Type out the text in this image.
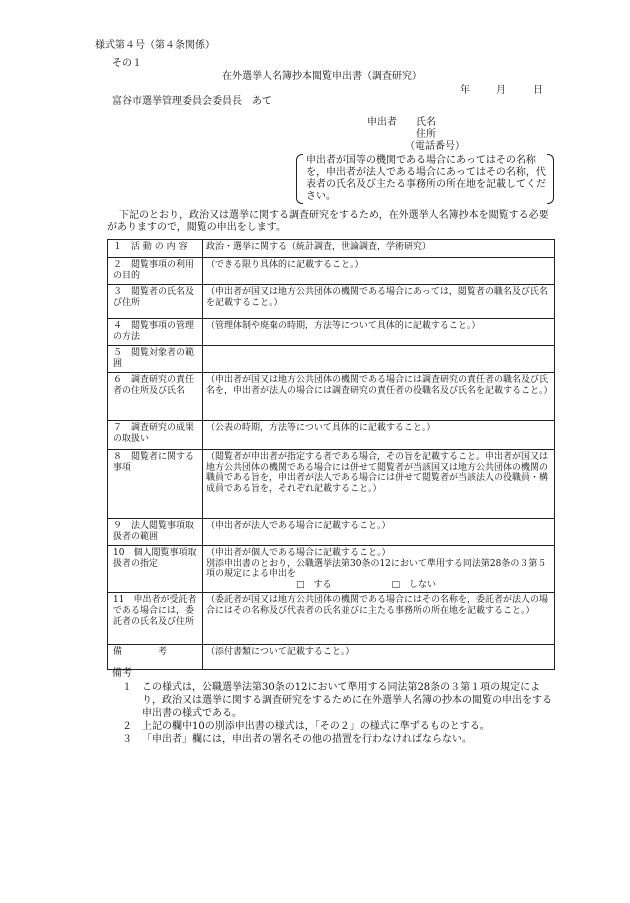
様式第４号（第４条関係）
その１
在外選挙人名簿抄本閲覧申出書（調査研究）
年	月	日
富谷市選挙管理委員会委員長　あて
申出者 氏名
住所
（電話番号）
申出者が国等の機関である場合にあってはその名称を，申出者が法人である場合にあってはその名称，代表者の氏名及び主たる事務所の所在地を記載してください。
下記のとおり，政治又は選挙に関する調査研究をするため，在外選挙人名簿抄本を閲覧する必要がありますので，閲覧の申出をします。
１　活 動 の 内 容	政治・選挙に関する（統計調査，世論調査，学術研究）
２　閲覧事項の利用の目的	（できる限り具体的に記載すること。）
３　閲覧者の氏名及び住所	（申出者が国又は地方公共団体の機関である場合にあっては，閲覧者の職名及び氏名を記載すること。）
４　閲覧事項の管理の方法	（管理体制や廃棄の時期，方法等について具体的に記載すること。）
５　閲覧対象者の範囲	
６　調査研究の責任者の住所及び氏名	（申出者が国又は地方公共団体の機関である場合には調査研究の責任者の職名及び氏名を，申出者が法人の場合には調査研究の責任者の役職名及び氏名を記載すること。）
７　調査研究の成果の取扱い	（公表の時期，方法等について具体的に記載すること。）
８　閲覧者に関する事項	（閲覧者が申出者が指定する者である場合，その旨を記載すること。申出者が国又は地方公共団体の機関である場合には併せて閲覧者が当該国又は地方公共団体の機関の職員である旨を，申出者が法人である場合には併せて閲覧者が当該法人の役職員・構成員である旨を，それぞれ記載すること。）
９　法人閲覧事項取扱者の範囲	（申出者が法人である場合に記載すること。）
10　個人閲覧事項取扱者の指定	（申出者が個人である場合に記載すること。）
別添申出書のとおり，公職選挙法第30条の12において準用する同法第28条の３第５項の規定による申出を
□　する □　しない

11　申出者が受託者である場合には，委託者の氏名及び住所	（委託者が国又は地方公共団体の機関である場合にはその名称を，委託者が法人の場合にはその名称及び代表者の氏名並びに主たる事務所の所在地を記載すること。）
備　　　　考	（添付書類について記載すること。）
備考
１	この様式は，公職選挙法第30条の12において準用する同法第28条の３第１項の規定により，政治又は選挙に関する調査研究をするために在外選挙人名簿の抄本の閲覧の申出をする申出書の様式である。
２	上記の欄中10の別添申出書の様式は，「その２」の様式に準ずるものとする。
３	「申出者」欄には，申出者の署名その他の措置を行わなければならない。
